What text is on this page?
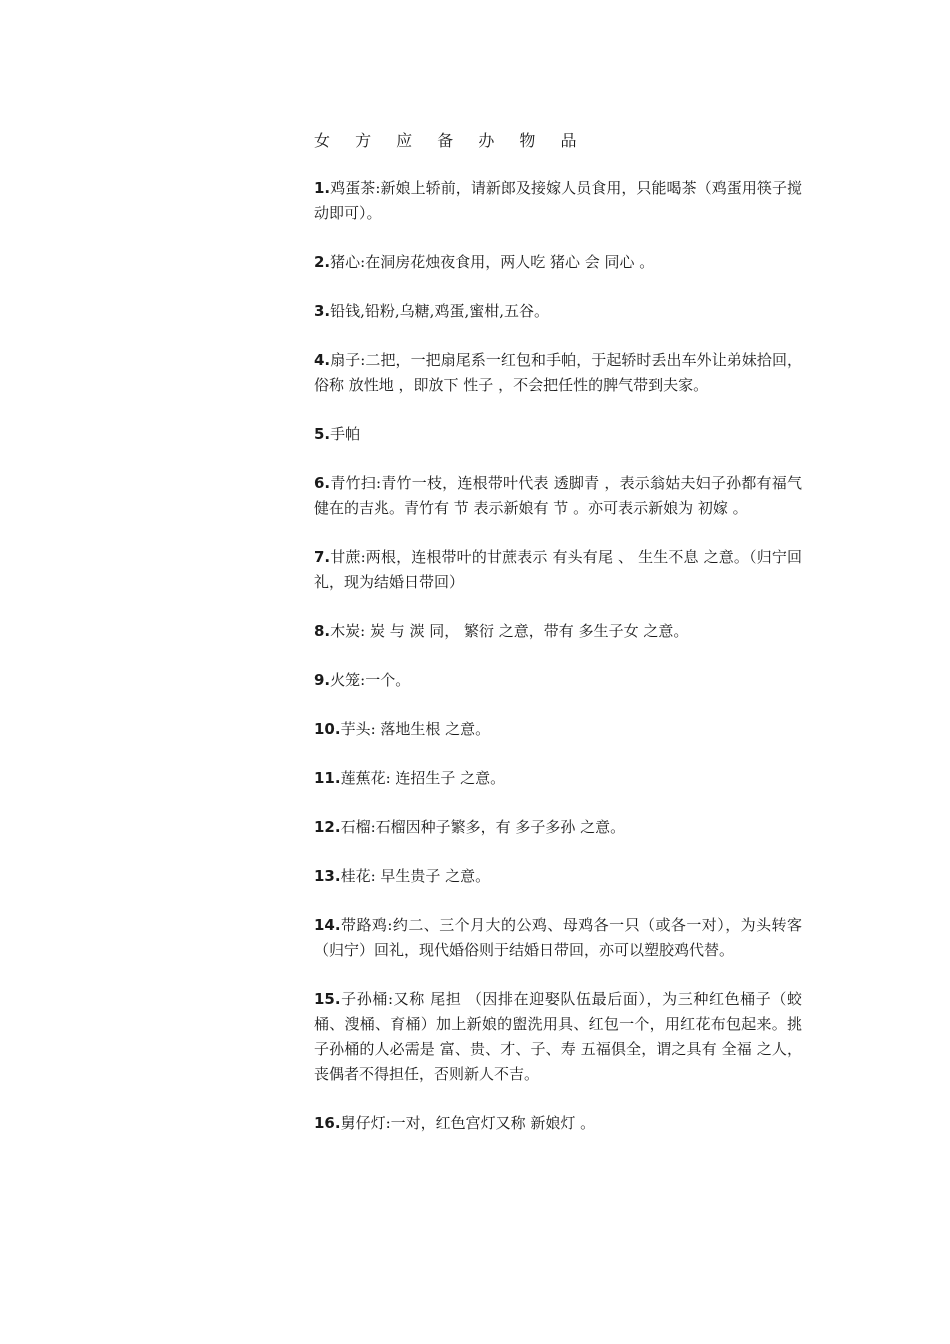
女 方 应 备 办 物 品

1.鸡蛋茶:新娘上轿前，请新郎及接嫁人员食用，只能喝茶（鸡蛋用筷子搅动即可）。

2.猪心:在洞房花烛夜食用，两人吃 猪心 会 同心 。

3.铅钱,铅粉,乌糖,鸡蛋,蜜柑,五谷。

4.扇子:二把，一把扇尾系一红包和手帕，于起轿时丢出车外让弟妹拾回，俗称 放性地 ，即放下 性子 ，不会把任性的脾气带到夫家。

5.手帕

6.青竹扫:青竹一枝，连根带叶代表 透脚青 ，表示翁姑夫妇子孙都有福气健在的吉兆。青竹有 节 表示新娘有 节 。亦可表示新娘为 初嫁 。

7.甘蔗:两根，连根带叶的甘蔗表示 有头有尾 、 生生不息 之意。（归宁回礼，现为结婚日带回）

8.木炭: 炭 与 湠 同， 繁衍 之意，带有 多生子女 之意。

9.火笼:一个。

10.芋头: 落地生根 之意。

11.莲蕉花: 连招生子 之意。

12.石榴:石榴因种子繁多，有 多子多孙 之意。

13.桂花: 早生贵子 之意。

14.带路鸡:约二、三个月大的公鸡、母鸡各一只（或各一对），为头转客（归宁）回礼，现代婚俗则于结婚日带回，亦可以塑胶鸡代替。

15.子孙桶:又称 尾担 （因排在迎娶队伍最后面），为三种红色桶子（蛟桶、溲桶、育桶）加上新娘的盥洗用具、红包一个，用红花布包起来。挑子孙桶的人必需是 富、贵、才、子、寿 五福俱全，谓之具有 全福 之人，丧偶者不得担任，否则新人不吉。

16.舅仔灯:一对，红色宫灯又称 新娘灯 。
